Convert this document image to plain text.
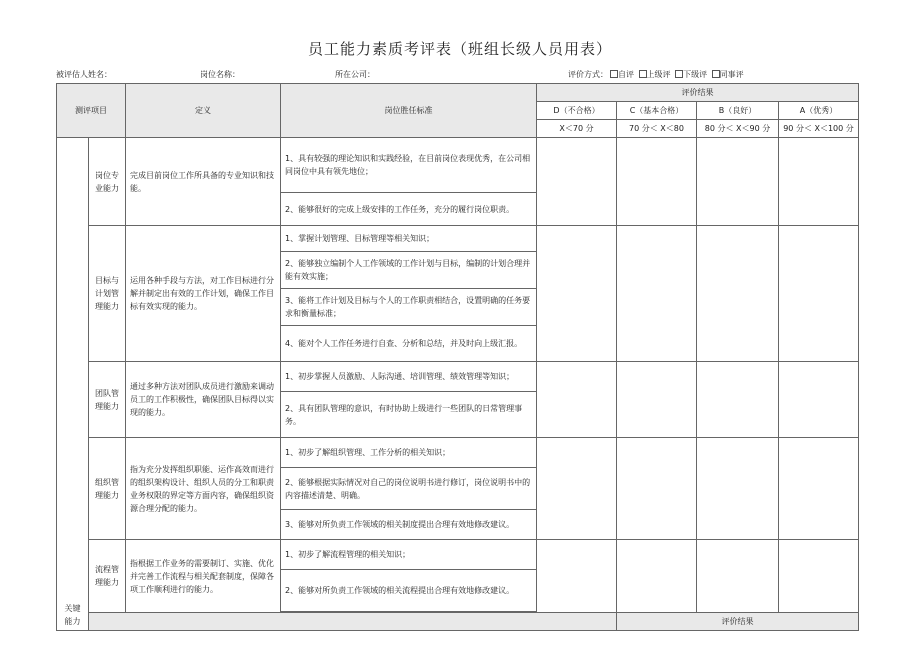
员工能力素质考评表（班组长级人员用表）
被评估人姓名：	岗位名称：	所在公司：	评价方式： 自评 上级评 下级评 同事评
测评项目		定义	岗位胜任标准	评价结果			
				D（不合格）	C（基本合格）	B（良好）	A（优秀）
				X＜70 分	70 分＜ X＜80	80 分＜ X＜90 分	90 分＜ X＜100 分
关键能力	岗位专业能力	完成目前岗位工作所具备的专业知识和技能。	1、具有较强的理论知识和实践经验，在目前岗位表现优秀，在公司相同岗位中具有领先地位；				
			2、能够很好的完成上级安排的工作任务，充分的履行岗位职责。				
	目标与计划管理能力	运用各种手段与方法，对工作目标进行分解并制定出有效的工作计划，确保工作目标有效实现的能力。	1、掌握计划管理、目标管理等相关知识；				
			2、能够独立编制个人工作领域的工作计划与目标，编制的计划合理并能有效实施；				
			3、能将工作计划及目标与个人的工作职责相结合，设置明确的任务要求和衡量标准；				
			4、能对个人工作任务进行自查、分析和总结，并及时向上级汇报。				
	团队管理能力	通过多种方法对团队成员进行激励来调动员工的工作积极性，确保团队目标得以实现的能力。	1、初步掌握人员激励、人际沟通、培训管理、绩效管理等知识；				
			2、具有团队管理的意识，有时协助上级进行一些团队的日常管理事务。				
	组织管理能力	指为充分发挥组织职能、运作高效而进行的组织架构设计、组织人员的分工和职责业务权限的界定等方面内容，确保组织资源合理分配的能力。	1、初步了解组织管理、工作分析的相关知识；				
			2、能够根据实际情况对自己的岗位说明书进行修订，岗位说明书中的内容描述清楚、明确。				
			3、能够对所负责工作领域的相关制度提出合理有效地修改建议。				
	流程管理能力	指根据工作业务的需要制订、实施、优化并完善工作流程与相关配套制度，保障各项工作顺利进行的能力。	1、初步了解流程管理的相关知识；				
			2、能够对所负责工作领域的相关流程提出合理有效地修改建议。				

					评价结果		
